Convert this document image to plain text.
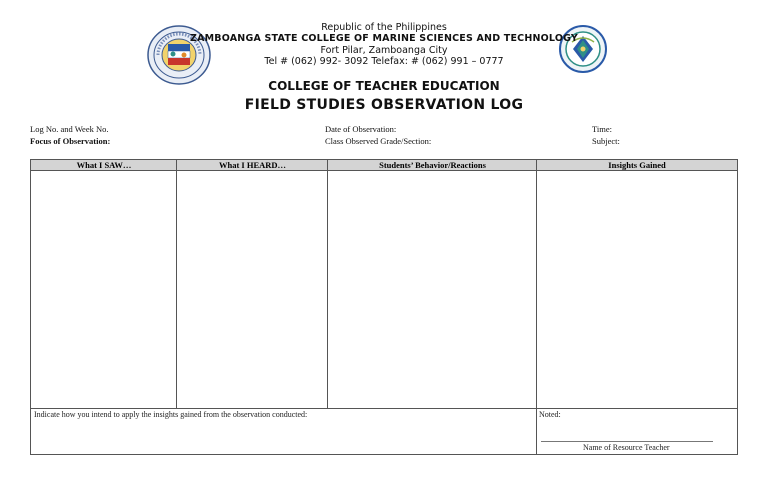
Republic of the Philippines
ZAMBOANGA STATE COLLEGE OF MARINE SCIENCES AND TECHNOLOGY
Fort Pilar, Zamboanga City
Tel # (062) 992- 3092 Telefax: # (062) 991 – 0777
COLLEGE OF TEACHER EDUCATION
FIELD STUDIES OBSERVATION LOG
Log No. and Week No.
Focus of Observation:
Date of Observation:
Class Observed Grade/Section:
Time:
Subject:
What I SAW…	What I HEARD…	Students’ Behavior/Reactions	Insights Gained
Indicate how you intend to apply the insights gained from the observation conducted:	Noted:
Name of Resource Teacher
